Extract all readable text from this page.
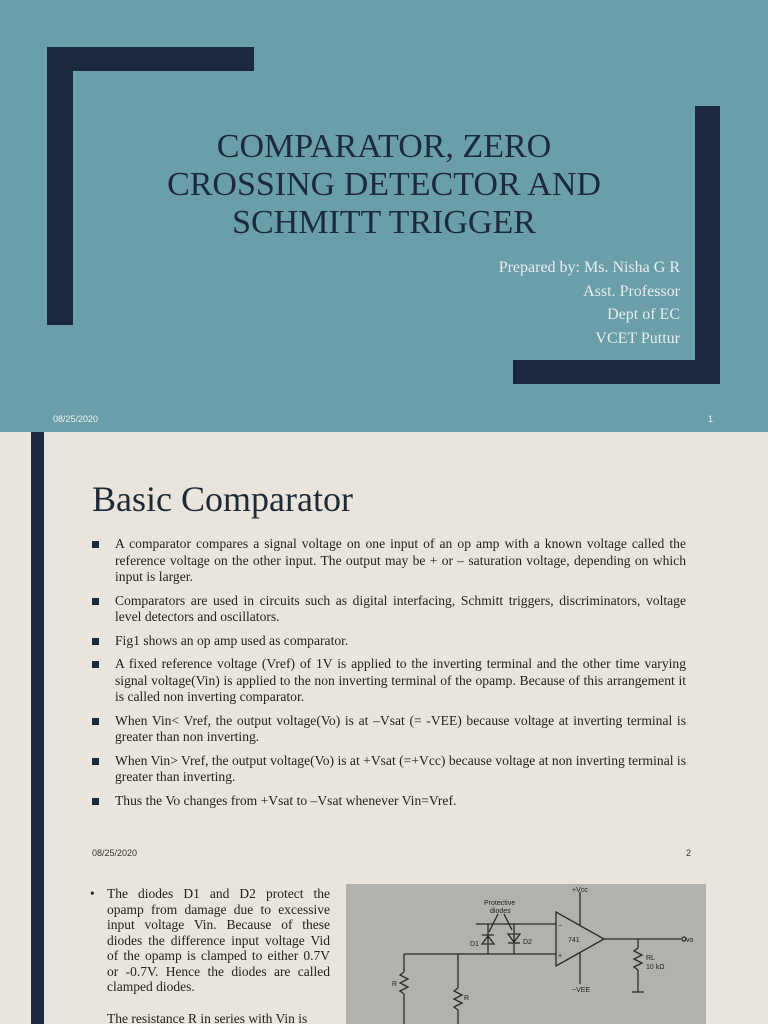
COMPARATOR, ZERO
CROSSING DETECTOR AND
SCHMITT TRIGGER
Prepared by: Ms. Nisha G R
Asst. Professor
Dept of EC
VCET Puttur
08/25/2020	1
Basic Comparator
A comparator compares a signal voltage on one input of an op amp with a known voltage called the reference voltage on the other input. The output may be + or – saturation voltage, depending on which input is larger.
Comparators are used in circuits such as digital interfacing, Schmitt triggers, discriminators, voltage level detectors and oscillators.
Fig1 shows an op amp used as comparator.
A fixed reference voltage (Vref) of 1V is applied to the inverting terminal and the other time varying signal voltage(Vin) is applied to the non inverting terminal of the opamp. Because of this arrangement it is called non inverting comparator.
When Vin< Vref, the output voltage(Vo) is at –Vsat (= -VEE) because voltage at inverting terminal is greater than non inverting.
When Vin> Vref, the output voltage(Vo) is at +Vsat (=+Vcc) because voltage at non inverting terminal is greater than inverting.
Thus the Vo changes from +Vsat to –Vsat whenever Vin=Vref.
08/25/2020	2

• The diodes D1 and D2 protect the opamp from damage due to excessive input voltage Vin. Because of these diodes the difference input voltage Vid of the opamp is clamped to either 0.7V or -0.7V. Hence the diodes are called clamped diodes.

The resistance R in series with Vin is

Protective
diodes
+Vcc
−VEE
741
D1	D2
R
R
RL
10 kΩ
vo
−
+
